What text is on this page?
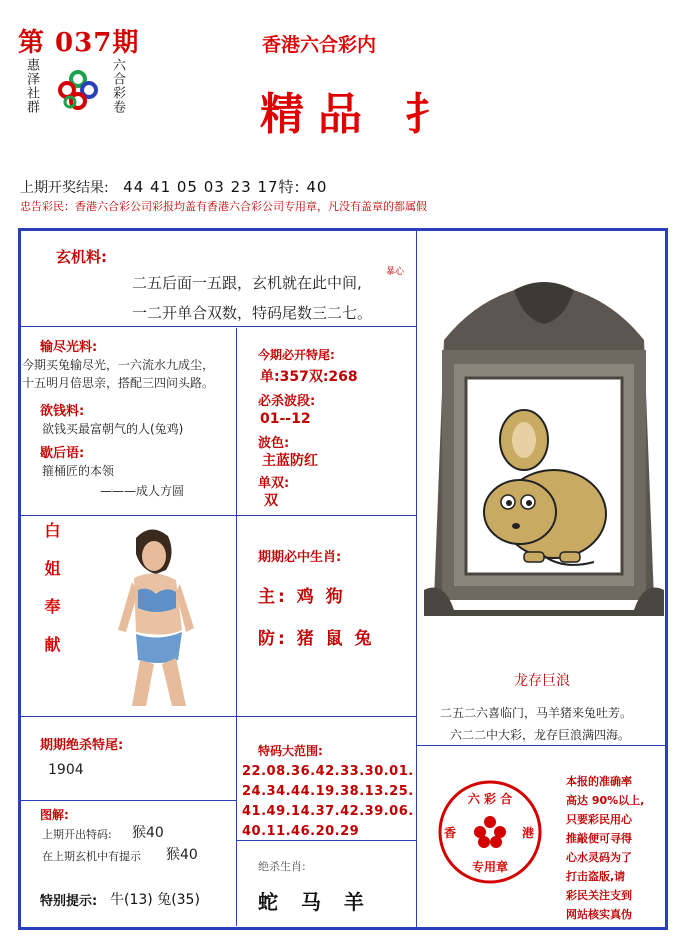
第 037期
惠泽社群	六合彩卷
香港六合彩内
精品 扌
上期开奖结果: 44 41 05 03 23 17特: 40
忠告彩民：香港六合彩公司彩报均盖有香港六合彩公司专用章，凡没有盖章的都属假
玄机料:
二五后面一五跟，玄机就在此中间,
一二开单合双数，特码尾数三二七。
暴心
输尽光料:
今期买兔输尽光，一六流水九成尘，
十五明月倍思亲，搭配三四问头路。
欲钱料:
欲钱买最富朝气的人(兔鸡)
歇后语:
箍桶匠的本领
———成人方圆
今期必开特尾:
单:357双:268
必杀波段:
01--12
波色:
主蓝防红
单双:
双
期期必中生肖:
主: 鸡 狗
防: 猪 鼠 兔
白姐奉献
期期绝杀特尾:
1904
特码大范围:
22.08.36.42.33.30.01.
24.34.44.19.38.13.25.
41.49.14.37.42.39.06.
40.11.46.20.29
图解:
上期开出特码: 猴40
在上期玄机中有提示 猴40
特别提示: 牛(13) 兔(35)
绝杀生肖:
蛇 马 羊
龙存巨浪
二五二六喜临门，马羊猪来兔吐芳。
六二二中大彩，龙存巨浪满四海。
六 彩 合
香	港
专用章
本报的准确率
高达 90%以上,
只要彩民用心
推敲便可寻得
心水灵码为了
打击盗版,请
彩民关注支到
网站核实真伪
